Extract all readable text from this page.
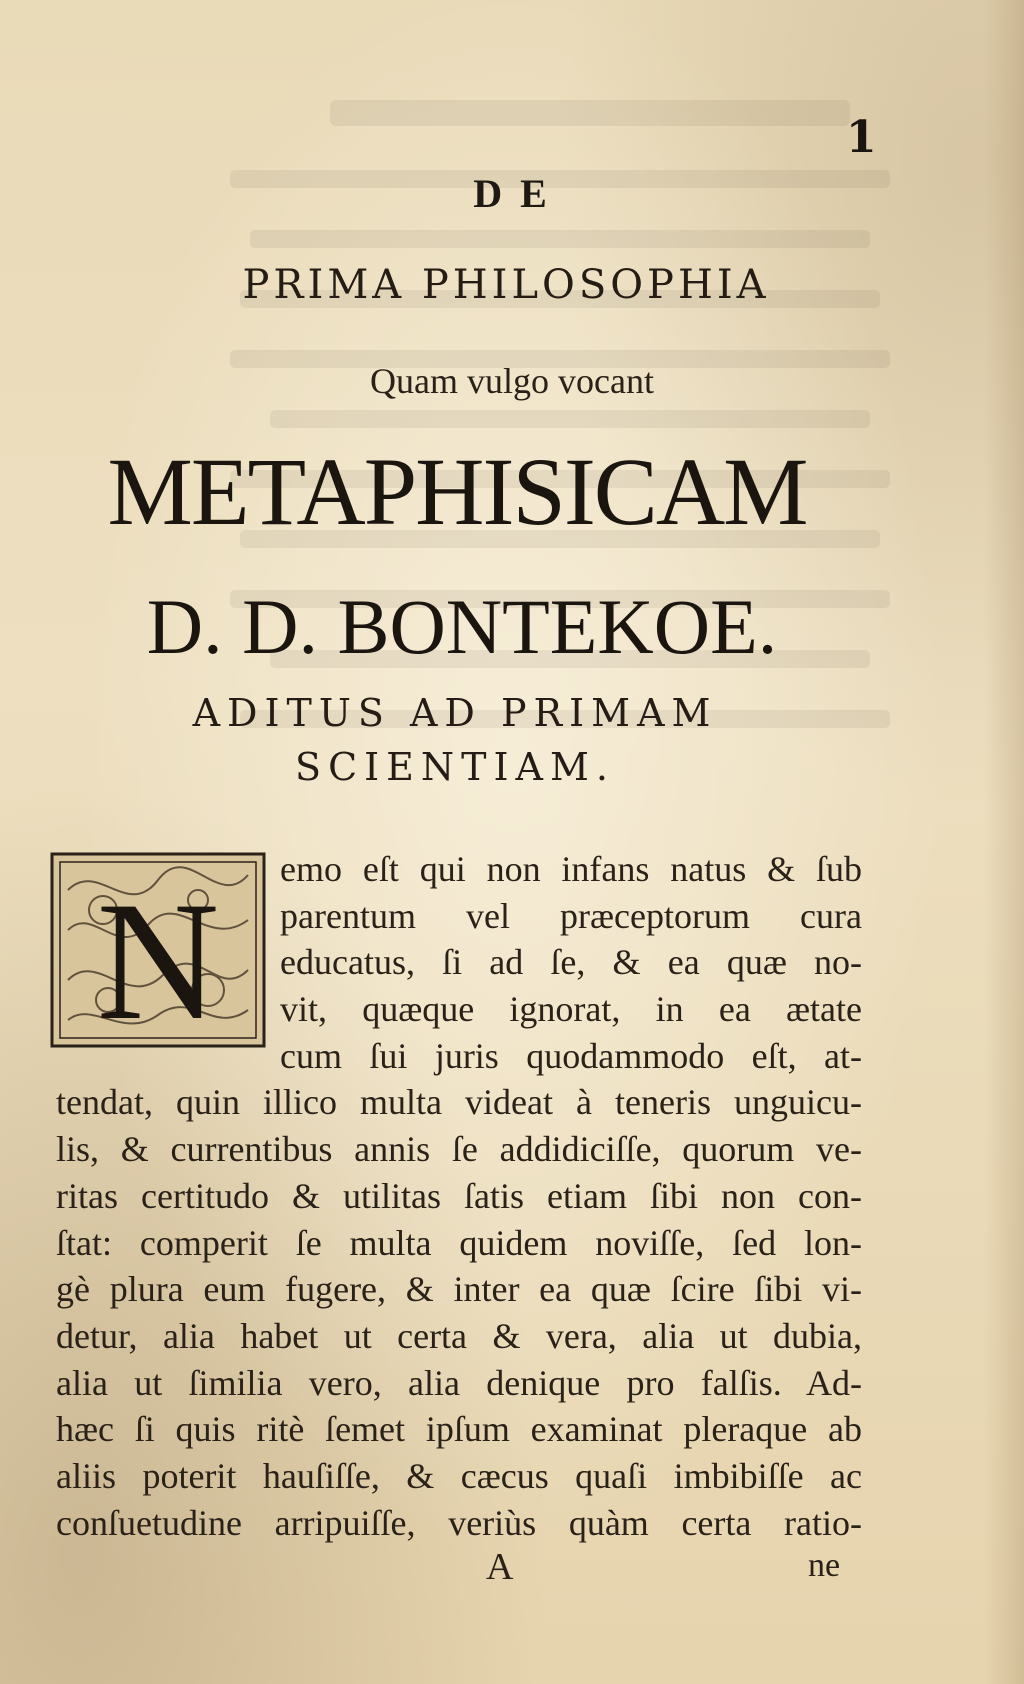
1
DE
PRIMA PHILOSOPHIA
Quam vulgo vocant
METAPHISICAM
D. D. BONTEKOE.
ADITUS AD PRIMAM
SCIENTIAM.
N emo eſt qui non infans natus & ſub
parentum vel præceptorum cura
educatus, ſi ad ſe, & ea quæ no-
vit, quæque ignorat, in ea ætate
cum ſui juris quodammodo eſt, at-
tendat, quin illico multa videat à teneris unguicu-
lis, & currentibus annis ſe addidiciſſe, quorum ve-
ritas certitudo & utilitas ſatis etiam ſibi non con-
ſtat: comperit ſe multa quidem noviſſe, ſed lon-
gè plura eum fugere, & inter ea quæ ſcire ſibi vi-
detur, alia habet ut certa & vera, alia ut dubia,
alia ut ſimilia vero, alia denique pro falſis. Ad-
hæc ſi quis ritè ſemet ipſum examinat pleraque ab
aliis poterit hauſiſſe, & cæcus quaſi imbibiſſe ac
conſuetudine arripuiſſe, veriùs quàm certa ratio-
A	ne
